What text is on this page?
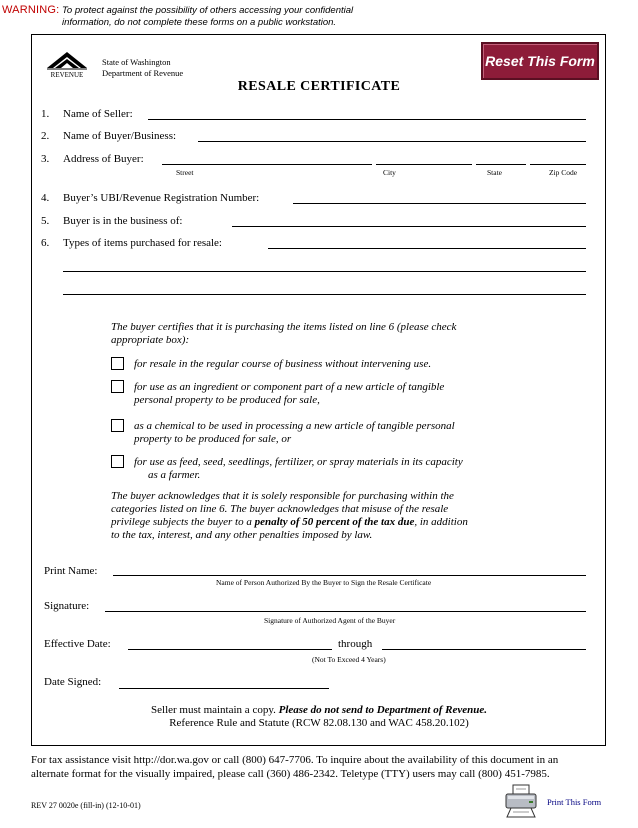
WARNING: To protect against the possibility of others accessing your confidential information, do not complete these forms on a public workstation.
REVENUE
State of Washington
Department of Revenue
Reset This Form
RESALE CERTIFICATE
1. Name of Seller:
2. Name of Buyer/Business:
3. Address of Buyer:
Street	City	State	Zip Code
4. Buyer’s UBI/Revenue Registration Number:
5. Buyer is in the business of:
6. Types of items purchased for resale:
The buyer certifies that it is purchasing the items listed on line 6 (please check
appropriate box):
for resale in the regular course of business without intervening use.
for use as an ingredient or component part of a new article of tangible
personal property to be produced for sale,
as a chemical to be used in processing a new article of tangible personal
property to be produced for sale, or
for use as feed, seed, seedlings, fertilizer, or spray materials in its capacity
as a farmer.
The buyer acknowledges that it is solely responsible for purchasing within the
categories listed on line 6. The buyer acknowledges that misuse of the resale
privilege subjects the buyer to a penalty of 50 percent of the tax due, in addition
to the tax, interest, and any other penalties imposed by law.
Print Name:
Name of Person Authorized By the Buyer to Sign the Resale Certificate
Signature:
Signature of Authorized Agent of the Buyer
Effective Date:	through
(Not To Exceed 4 Years)
Date Signed:
Seller must maintain a copy. Please do not send to Department of Revenue.
Reference Rule and Statute (RCW 82.08.130 and WAC 458.20.102)
For tax assistance visit http://dor.wa.gov or call (800) 647-7706. To inquire about the availability of this document in an
alternate format for the visually impaired, please call (360) 486-2342. Teletype (TTY) users may call (800) 451-7985.
REV 27 0020e (fill-in) (12-10-01)	Print This Form
